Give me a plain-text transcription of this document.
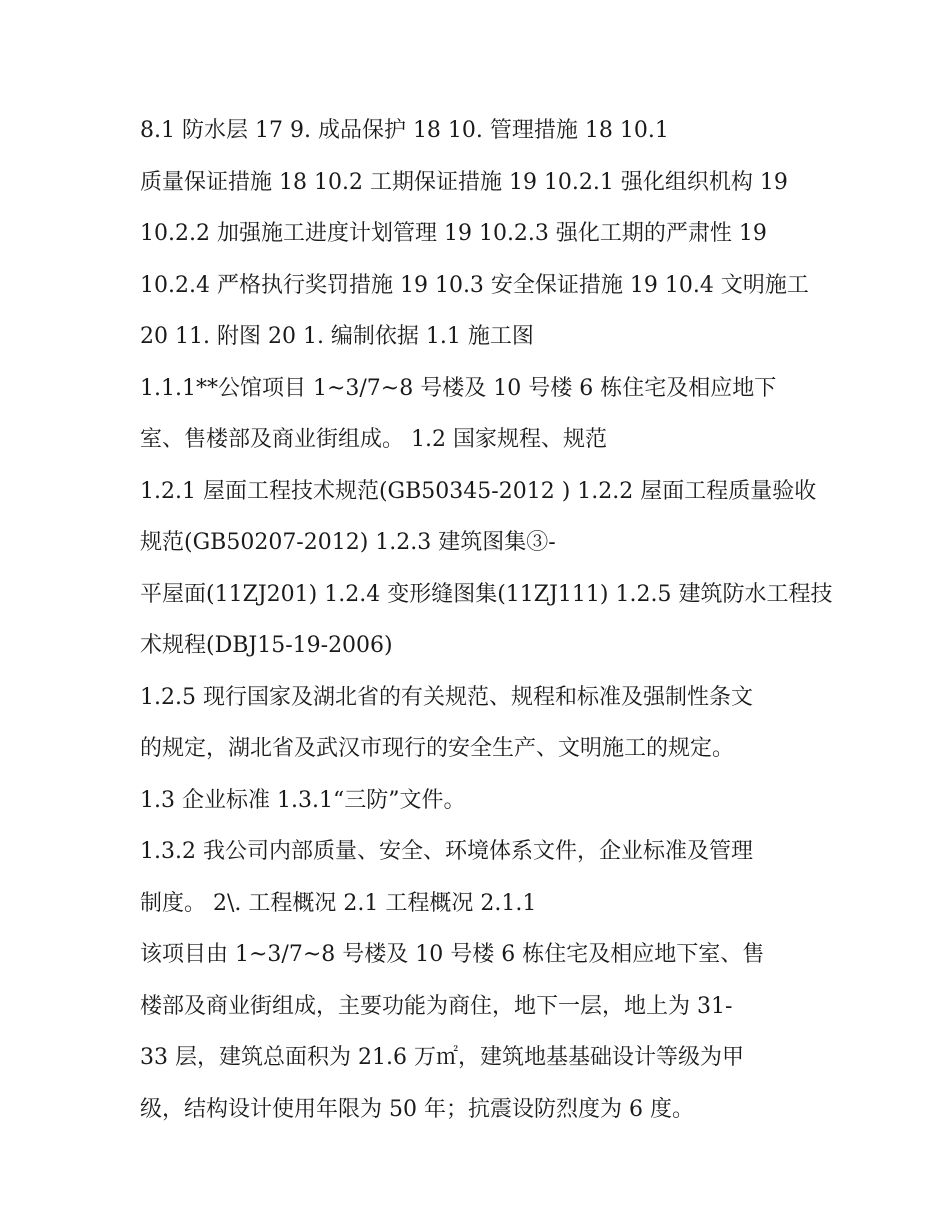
8.1 防水层 17 9. 成品保护 18 10. 管理措施 18 10.1
质量保证措施 18 10.2 工期保证措施 19 10.2.1 强化组织机构 19
10.2.2 加强施工进度计划管理 19 10.2.3 强化工期的严肃性 19
10.2.4 严格执行奖罚措施 19 10.3 安全保证措施 19 10.4 文明施工
20 11. 附图 20 1. 编制依据 1.1 施工图
1.1.1**公馆项目 1~3/7~8 号楼及 10 号楼 6 栋住宅及相应地下
室、售楼部及商业街组成。 1.2 国家规程、规范
1.2.1 屋面工程技术规范(GB50345-2012 ) 1.2.2 屋面工程质量验收
规范(GB50207-2012) 1.2.3 建筑图集③-
平屋面(11ZJ201) 1.2.4 变形缝图集(11ZJ111) 1.2.5 建筑防水工程技
术规程(DBJ15-19-2006)
1.2.5 现行国家及湖北省的有关规范、规程和标准及强制性条文
的规定，湖北省及武汉市现行的安全生产、文明施工的规定。
1.3 企业标准 1.3.1“三防”文件。
1.3.2 我公司内部质量、安全、环境体系文件，企业标准及管理
制度。 2\. 工程概况 2.1 工程概况 2.1.1
该项目由 1~3/7~8 号楼及 10 号楼 6 栋住宅及相应地下室、售
楼部及商业街组成，主要功能为商住，地下一层，地上为 31-
33 层，建筑总面积为 21.6 万㎡，建筑地基基础设计等级为甲
级，结构设计使用年限为 50 年；抗震设防烈度为 6 度。
